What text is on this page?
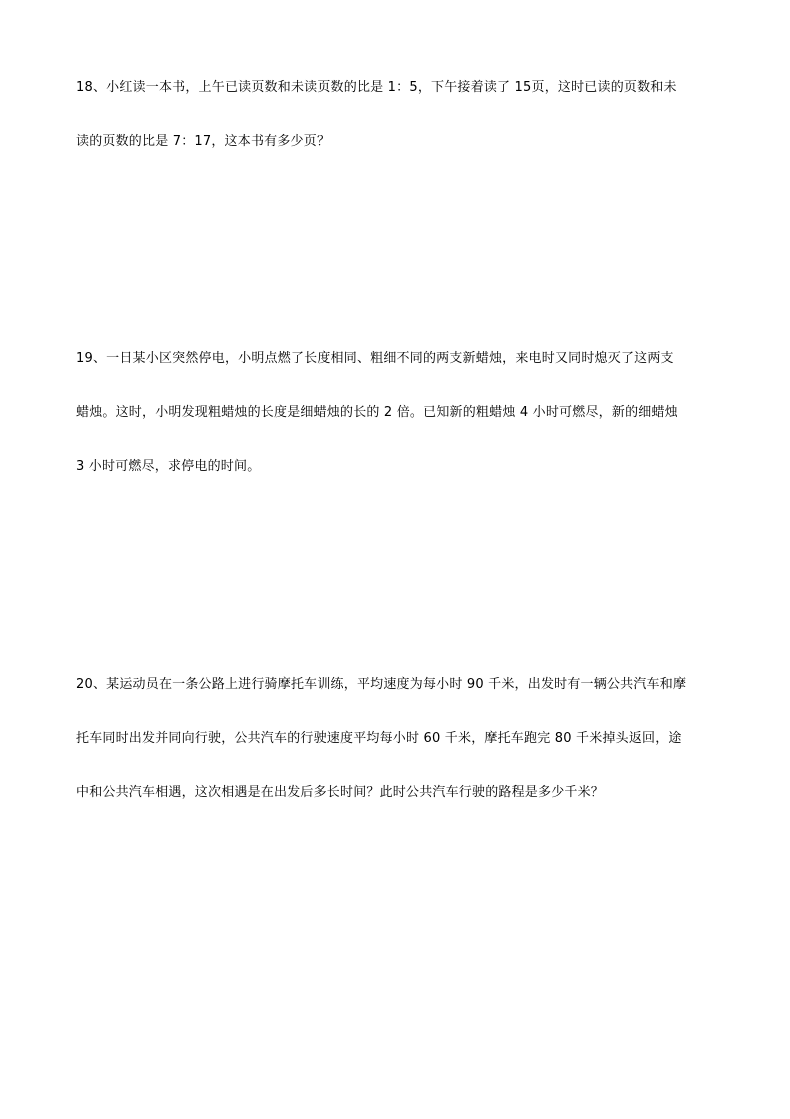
18、小红读一本书，上午已读页数和未读页数的比是 1：5，下午接着读了 15页，这时已读的页数和未
读的页数的比是 7：17，这本书有多少页？
19、一日某小区突然停电，小明点燃了长度相同、粗细不同的两支新蜡烛，来电时又同时熄灭了这两支
蜡烛。这时，小明发现粗蜡烛的长度是细蜡烛的长的 2 倍。已知新的粗蜡烛 4 小时可燃尽，新的细蜡烛
3 小时可燃尽，求停电的时间。
20、某运动员在一条公路上进行骑摩托车训练，平均速度为每小时 90 千米，出发时有一辆公共汽车和摩
托车同时出发并同向行驶，公共汽车的行驶速度平均每小时 60 千米，摩托车跑完 80 千米掉头返回，途
中和公共汽车相遇，这次相遇是在出发后多长时间？此时公共汽车行驶的路程是多少千米？
